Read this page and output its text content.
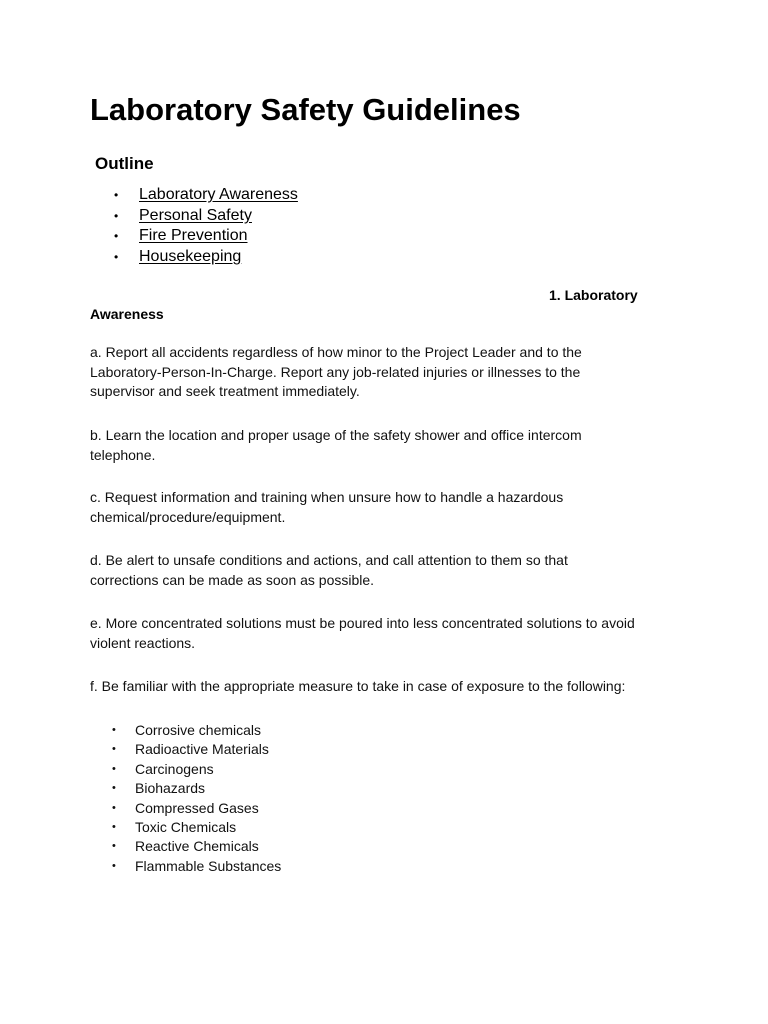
Laboratory Safety Guidelines
Outline
• Laboratory Awareness
• Personal Safety
• Fire Prevention
• Housekeeping

1. Laboratory

Awareness

a. Report all accidents regardless of how minor to the Project Leader and to the
Laboratory-Person-In-Charge. Report any job-related injuries or illnesses to the
supervisor and seek treatment immediately.

b. Learn the location and proper usage of the safety shower and office intercom
telephone.

c. Request information and training when unsure how to handle a hazardous
chemical/procedure/equipment.

d. Be alert to unsafe conditions and actions, and call attention to them so that
corrections can be made as soon as possible.

e. More concentrated solutions must be poured into less concentrated solutions to avoid
violent reactions.

f. Be familiar with the appropriate measure to take in case of exposure to the following:

• Corrosive chemicals
• Radioactive Materials
• Carcinogens
• Biohazards
• Compressed Gases
• Toxic Chemicals
• Reactive Chemicals
• Flammable Substances
